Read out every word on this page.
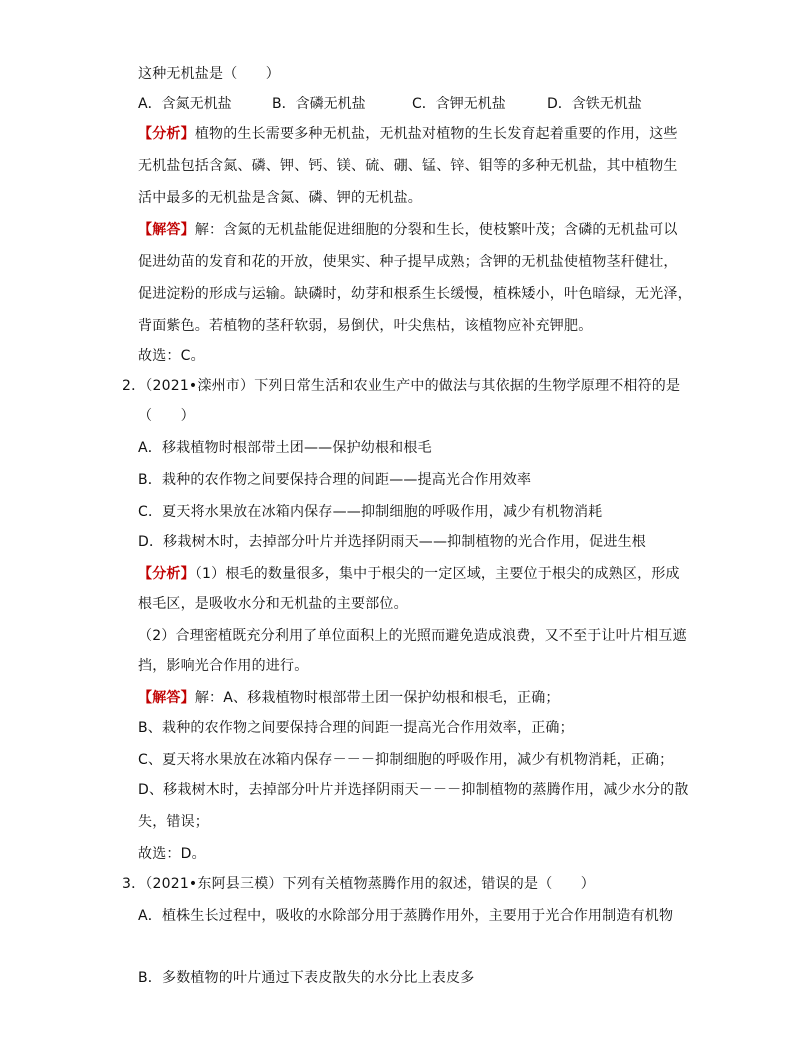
这种无机盐是（　　）
A．含氮无机盐	B．含磷无机盐	C．含钾无机盐	D．含铁无机盐
【分析】植物的生长需要多种无机盐，无机盐对植物的生长发育起着重要的作用，这些
无机盐包括含氮、磷、钾、钙、镁、硫、硼、锰、锌、钼等的多种无机盐，其中植物生
活中最多的无机盐是含氮、磷、钾的无机盐。
【解答】解：含氮的无机盐能促进细胞的分裂和生长，使枝繁叶茂；含磷的无机盐可以
促进幼苗的发育和花的开放，使果实、种子提早成熟；含钾的无机盐使植物茎秆健壮，
促进淀粉的形成与运输。缺磷时，幼芽和根系生长缓慢，植株矮小，叶色暗绿，无光泽，
背面紫色。若植物的茎秆软弱，易倒伏，叶尖焦枯，该植物应补充钾肥。
故选：C。
2．（2021•滦州市）下列日常生活和农业生产中的做法与其依据的生物学原理不相符的是
（　　）
A．移栽植物时根部带土团——保护幼根和根毛
B．栽种的农作物之间要保持合理的间距——提高光合作用效率
C．夏天将水果放在冰箱内保存——抑制细胞的呼吸作用，减少有机物消耗
D．移栽树木时，去掉部分叶片并选择阴雨天——抑制植物的光合作用，促进生根
【分析】（1）根毛的数量很多，集中于根尖的一定区域，主要位于根尖的成熟区，形成
根毛区，是吸收水分和无机盐的主要部位。
（2）合理密植既充分利用了单位面积上的光照而避免造成浪费，又不至于让叶片相互遮
挡，影响光合作用的进行。
【解答】解：A、移栽植物时根部带土团一保护幼根和根毛，正确；
B、栽种的农作物之间要保持合理的间距一提高光合作用效率，正确；
C、夏天将水果放在冰箱内保存－－－抑制细胞的呼吸作用，减少有机物消耗，正确；
D、移栽树木时，去掉部分叶片并选择阴雨天－－－抑制植物的蒸腾作用，减少水分的散
失，错误；
故选：D。
3．（2021•东阿县三模）下列有关植物蒸腾作用的叙述，错误的是（　　）
A．植株生长过程中，吸收的水除部分用于蒸腾作用外，主要用于光合作用制造有机物
B．多数植物的叶片通过下表皮散失的水分比上表皮多
